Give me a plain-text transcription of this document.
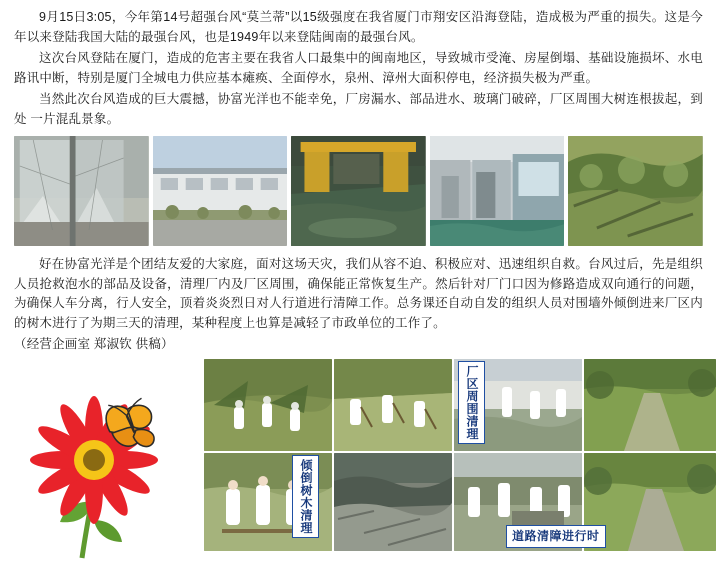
9月15日3:05，今年第14号超强台风“莫兰蒂”以15级强度在我省厦门市翔安区沿海登陆，造成极为严重的损失。这是今年以来登陆我国大陆的最强台风，也是1949年以来登陆闽南的最强台风。

这次台风登陆在厦门，造成的危害主要在我省人口最集中的闽南地区，导致城市受淹、房屋倒塌、基础设施损坏、水电路讯中断，特别是厦门全城电力供应基本瘫痪、全面停水，泉州、漳州大面积停电，经济损失极为严重。

当然此次台风造成的巨大震撼，协富光洋也不能幸免，厂房漏水、部品进水、玻璃门破碎，厂区周围大树连根拔起，到处 一片混乱景象。

好在协富光洋是个团结友爱的大家庭，面对这场天灾，我们从容不迫、积极应对、迅速组织自救。台风过后，先是组织人员抢救泡水的部品及设备，清理厂内及厂区周围，确保能正常恢复生产。然后针对厂门口因为修路造成双向通行的问题，为确保人车分离，行人安全，顶着炎炎烈日对人行道进行清障工作。总务课还自动自发的组织人员对围墙外倾倒进来厂区内的树木进行了为期三天的清理，某种程度上也算是减轻了市政单位的工作了。

（经营企画室 郑淑钦 供稿）

倾倒树木清理
厂区周围清理
道路清障进行时
